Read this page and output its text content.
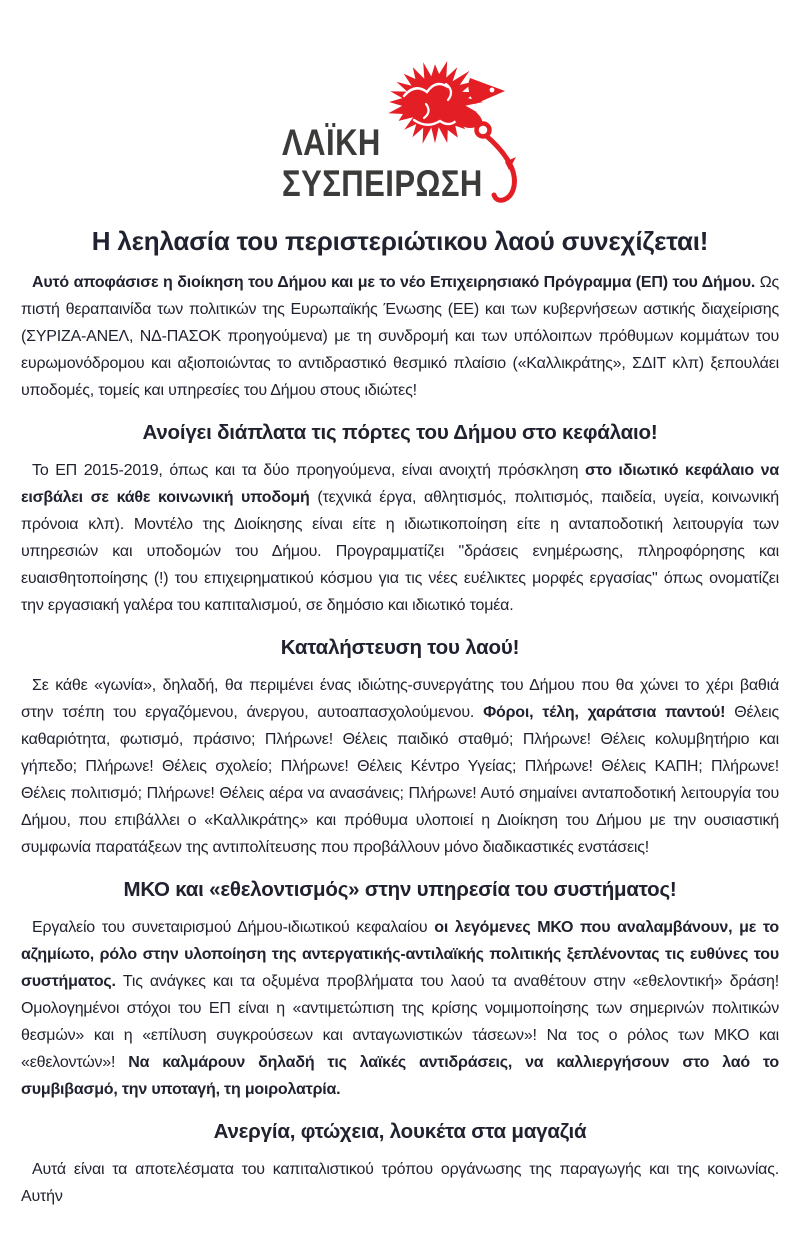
ΛΑΪΚΗ
ΣΥΣΠΕΙΡΩΣΗ
Η λεηλασία του περιστεριώτικου λαού συνεχίζεται!

Αυτό αποφάσισε η διοίκηση του Δήμου και με το νέο Επιχειρησιακό Πρόγραμμα (ΕΠ) του Δήμου. Ως πιστή θεραπαινίδα των πολιτικών της Ευρωπαϊκής Ένωσης (ΕΕ) και των κυβερνήσεων αστικής διαχείρισης (ΣΥΡΙΖΑ-ΑΝΕΛ, ΝΔ-ΠΑΣΟΚ προηγούμενα) με τη συνδρομή και των υπόλοιπων πρόθυμων κομμάτων του ευρωμονόδρομου και αξιοποιώντας το αντιδραστικό θεσμικό πλαίσιο («Καλλικράτης», ΣΔΙΤ κλπ) ξεπουλάει υποδομές, τομείς και υπηρεσίες του Δήμου στους ιδιώτες!

Ανοίγει διάπλατα τις πόρτες του Δήμου στο κεφάλαιο!

Το ΕΠ 2015-2019, όπως και τα δύο προηγούμενα, είναι ανοιχτή πρόσκληση στο ιδιωτικό κεφάλαιο να εισβάλει σε κάθε κοινωνική υποδομή (τεχνικά έργα, αθλητισμός, πολιτισμός, παιδεία, υγεία, κοινωνική πρόνοια κλπ). Μοντέλο της Διοίκησης είναι είτε η ιδιωτικοποίηση είτε η ανταποδοτική λειτουργία των υπηρεσιών και υποδομών του Δήμου. Προγραμματίζει ''δράσεις ενημέρωσης, πληροφόρησης και ευαισθητοποίησης (!) του επιχειρηματικού κόσμου για τις νέες ευέλικτες μορφές εργασίας'' όπως ονοματίζει την εργασιακή γαλέρα του καπιταλισμού, σε δημόσιο και ιδιωτικό τομέα.

Καταλήστευση του λαού!

Σε κάθε «γωνία», δηλαδή, θα περιμένει ένας ιδιώτης-συνεργάτης του Δήμου που θα χώνει το χέρι βαθιά στην τσέπη του εργαζόμενου, άνεργου, αυτοαπασχολούμενου. Φόροι, τέλη, χαράτσια παντού! Θέλεις καθαριότητα, φωτισμό, πράσινο; Πλήρωνε! Θέλεις παιδικό σταθμό; Πλήρωνε! Θέλεις κολυμβητήριο και γήπεδο; Πλήρωνε! Θέλεις σχολείο; Πλήρωνε! Θέλεις Κέντρο Υγείας; Πλήρωνε! Θέλεις ΚΑΠΗ; Πλήρωνε! Θέλεις πολιτισμό; Πλήρωνε! Θέλεις αέρα να ανασάνεις; Πλήρωνε! Αυτό σημαίνει ανταποδοτική λειτουργία του Δήμου, που επιβάλλει ο «Καλλικράτης» και πρόθυμα υλοποιεί η Διοίκηση του Δήμου με την ουσιαστική συμφωνία παρατάξεων της αντιπολίτευσης που προβάλλουν μόνο διαδικαστικές ενστάσεις!

ΜΚΟ και «εθελοντισμός» στην υπηρεσία του συστήματος!

Εργαλείο του συνεταιρισμού Δήμου-ιδιωτικού κεφαλαίου οι λεγόμενες ΜΚΟ που αναλαμβάνουν, με το αζημίωτο, ρόλο στην υλοποίηση της αντεργατικής-αντιλαϊκής πολιτικής ξεπλένοντας τις ευθύνες του συστήματος. Τις ανάγκες και τα οξυμένα προβλήματα του λαού τα αναθέτουν στην «εθελοντική» δράση! Ομολογημένοι στόχοι του ΕΠ είναι η «αντιμετώπιση της κρίσης νομιμοποίησης των σημερινών πολιτικών θεσμών» και η «επίλυση συγκρούσεων και ανταγωνιστικών τάσεων»! Να τος ο ρόλος των ΜΚΟ και «εθελοντών»! Να καλμάρουν δηλαδή τις λαϊκές αντιδράσεις, να καλλιεργήσουν στο λαό το συμβιβασμό, την υποταγή, τη μοιρολατρία.

Ανεργία, φτώχεια, λουκέτα στα μαγαζιά

Αυτά είναι τα αποτελέσματα του καπιταλιστικού τρόπου οργάνωσης της παραγωγής και της κοινωνίας. Αυτήν
